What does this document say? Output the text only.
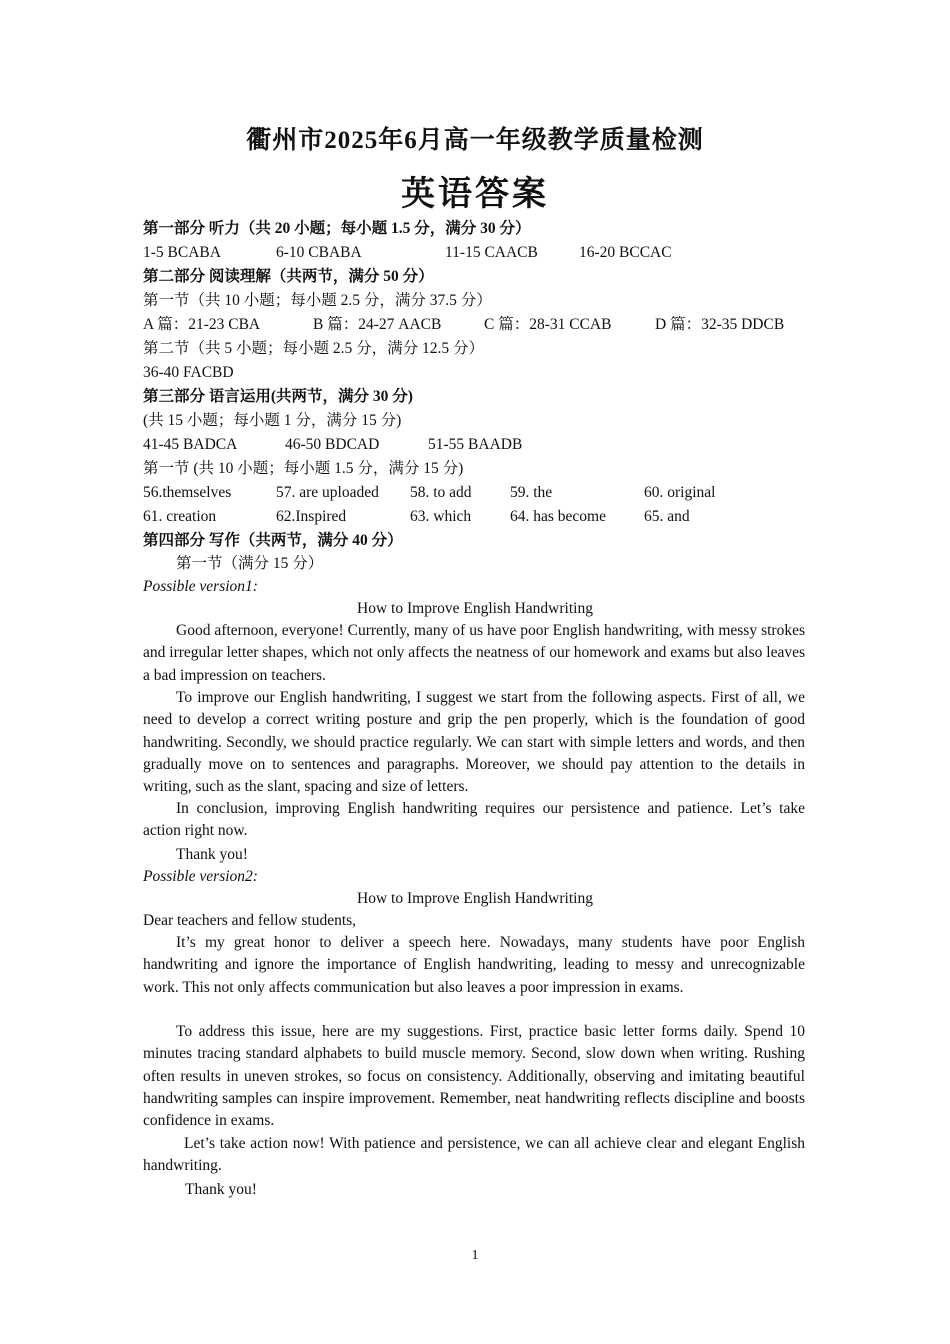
衢州市2025年6月高一年级教学质量检测
英语答案
第一部分 听力（共 20 小题；每小题 1.5 分，满分 30 分）
1-5 BCABA	6-10 CBABA	11-15 CAACB	16-20 BCCAC
第二部分 阅读理解（共两节，满分 50 分）
第一节（共 10 小题；每小题 2.5 分，满分 37.5 分）
A 篇：21-23 CBA	B 篇：24-27 AACB	C 篇：28-31 CCAB	D 篇：32-35 DDCB
第二节（共 5 小题；每小题 2.5 分，满分 12.5 分）
36-40 FACBD
第三部分 语言运用(共两节，满分 30 分)
(共 15 小题；每小题 1 分，满分 15 分)
41-45 BADCA	46-50 BDCAD	51-55 BAADB
第一节 (共 10 小题；每小题 1.5 分，满分 15 分)
56.themselves	57. are uploaded 58. to add 59. the	60. original
61. creation	62.Inspired	63. which	64. has become 65. and
第四部分 写作（共两节，满分 40 分）
第一节（满分 15 分）
Possible version1:
How to Improve English Handwriting

Good afternoon, everyone! Currently, many of us have poor English handwriting, with messy strokes and irregular letter shapes, which not only affects the neatness of our homework and exams but also leaves a bad impression on teachers.

To improve our English handwriting, I suggest we start from the following aspects. First of all, we need to develop a correct writing posture and grip the pen properly, which is the foundation of good handwriting. Secondly, we should practice regularly. We can start with simple letters and words, and then gradually move on to sentences and paragraphs. Moreover, we should pay attention to the details in writing, such as the slant, spacing and size of letters.

In conclusion, improving English handwriting requires our persistence and patience. Let’s take action right now.

Thank you!
Possible version2:
How to Improve English Handwriting
Dear teachers and fellow students,

It’s my great honor to deliver a speech here. Nowadays, many students have poor English handwriting and ignore the importance of English handwriting, leading to messy and unrecognizable work. This not only affects communication but also leaves a poor impression in exams.

To address this issue, here are my suggestions. First, practice basic letter forms daily. Spend 10 minutes tracing standard alphabets to build muscle memory. Second, slow down when writing. Rushing often results in uneven strokes, so focus on consistency. Additionally, observing and imitating beautiful handwriting samples can inspire improvement. Remember, neat handwriting reflects discipline and boosts confidence in exams.

Let’s take action now! With patience and persistence, we can all achieve clear and elegant English handwriting.

Thank you!
1
